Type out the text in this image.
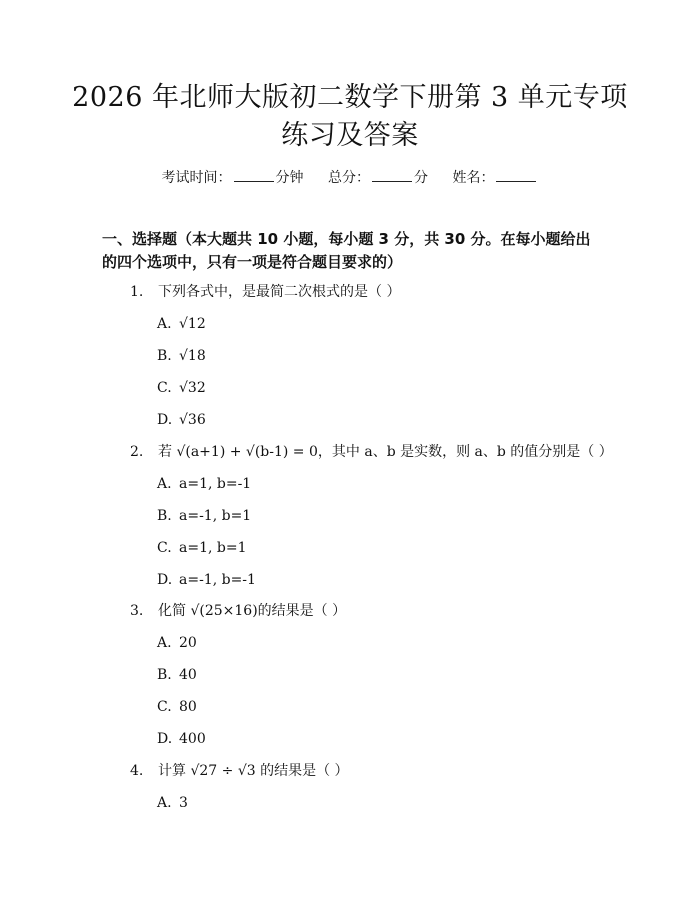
2026 年北师大版初二数学下册第 3 单元专项
练习及答案
考试时间：	分钟 总分：	分 姓名：
一、选择题（本大题共 10 小题，每小题 3 分，共 30 分。在每小题给出的四个选项中，只有一项是符合题目要求的）
1. 下列各式中，是最简二次根式的是（ ）
A. √12
B. √18
C. √32
D. √36
2. 若 √(a+1) + √(b-1) = 0，其中 a、b 是实数，则 a、b 的值分别是（ ）
A. a=1, b=-1
B. a=-1, b=1
C. a=1, b=1
D. a=-1, b=-1
3. 化简 √(25×16)的结果是（ ）
A. 20
B. 40
C. 80
D. 400
4. 计算 √27 ÷ √3 的结果是（ ）
A. 3
